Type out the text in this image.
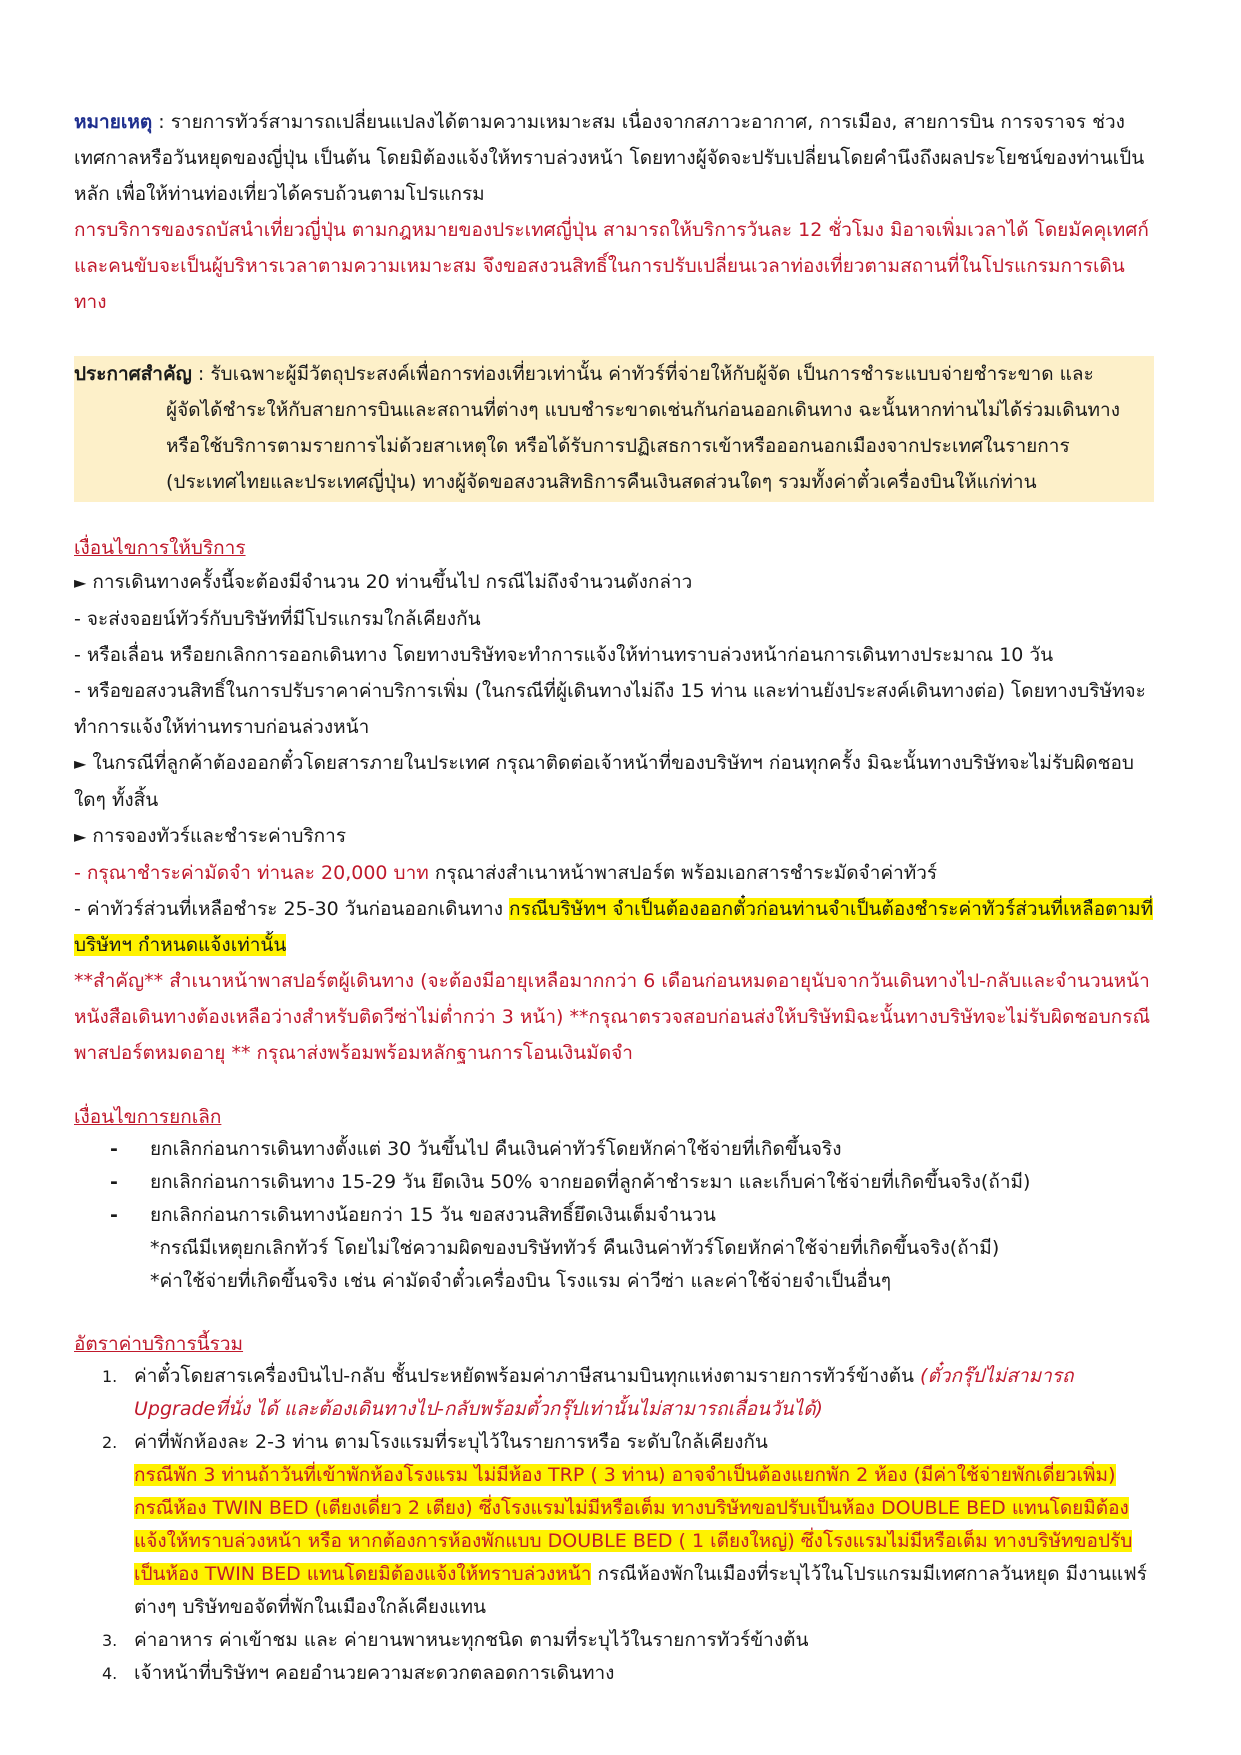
หมายเหตุ : รายการทัวร์สามารถเปลี่ยนแปลงได้ตามความเหมาะสม เนื่องจากสภาวะอากาศ, การเมือง, สายการบิน การจราจร ช่วงเทศกาลหรือวันหยุดของญี่ปุ่น เป็นต้น โดยมิต้องแจ้งให้ทราบล่วงหน้า โดยทางผู้จัดจะปรับเปลี่ยนโดยคำนึงถึงผลประโยชน์ของท่านเป็นหลัก เพื่อให้ท่านท่องเที่ยวได้ครบถ้วนตามโปรแกรม

การบริการของรถบัสนำเที่ยวญี่ปุ่น ตามกฎหมายของประเทศญี่ปุ่น สามารถให้บริการวันละ 12 ชั่วโมง มิอาจเพิ่มเวลาได้ โดยมัคคุเทศก์และคนขับจะเป็นผู้บริหารเวลาตามความเหมาะสม จึงขอสงวนสิทธิ์ในการปรับเปลี่ยนเวลาท่องเที่ยวตามสถานที่ในโปรแกรมการเดินทาง

ประกาศสำคัญ : รับเฉพาะผู้มีวัตถุประสงค์เพื่อการท่องเที่ยวเท่านั้น ค่าทัวร์ที่จ่ายให้กับผู้จัด เป็นการชำระแบบจ่ายชำระขาด และ

ผู้จัดได้ชำระให้กับสายการบินและสถานที่ต่างๆ แบบชำระขาดเช่นกันก่อนออกเดินทาง ฉะนั้นหากท่านไม่ได้ร่วมเดินทางหรือใช้บริการตามรายการไม่ด้วยสาเหตุใด หรือได้รับการปฏิเสธการเข้าหรือออกนอกเมืองจากประเทศในรายการ (ประเทศไทยและประเทศญี่ปุ่น) ทางผู้จัดขอสงวนสิทธิการคืนเงินสดส่วนใดๆ รวมทั้งค่าตั๋วเครื่องบินให้แก่ท่าน

เงื่อนไขการให้บริการ

► การเดินทางครั้งนี้จะต้องมีจำนวน 20 ท่านขึ้นไป กรณีไม่ถึงจำนวนดังกล่าว

- จะส่งจอยน์ทัวร์กับบริษัทที่มีโปรแกรมใกล้เคียงกัน

- หรือเลื่อน หรือยกเลิกการออกเดินทาง โดยทางบริษัทจะทำการแจ้งให้ท่านทราบล่วงหน้าก่อนการเดินทางประมาณ 10 วัน

- หรือขอสงวนสิทธิ์ในการปรับราคาค่าบริการเพิ่ม (ในกรณีที่ผู้เดินทางไม่ถึง 15 ท่าน และท่านยังประสงค์เดินทางต่อ) โดยทางบริษัทจะทำการแจ้งให้ท่านทราบก่อนล่วงหน้า

► ในกรณีที่ลูกค้าต้องออกตั๋วโดยสารภายในประเทศ กรุณาติดต่อเจ้าหน้าที่ของบริษัทฯ ก่อนทุกครั้ง มิฉะนั้นทางบริษัทจะไม่รับผิดชอบใดๆ ทั้งสิ้น

► การจองทัวร์และชำระค่าบริการ

- กรุณาชำระค่ามัดจำ ท่านละ 20,000 บาท กรุณาส่งสำเนาหน้าพาสปอร์ต พร้อมเอกสารชำระมัดจำค่าทัวร์

- ค่าทัวร์ส่วนที่เหลือชำระ 25-30 วันก่อนออกเดินทาง กรณีบริษัทฯ จำเป็นต้องออกตั๋วก่อนท่านจำเป็นต้องชำระค่าทัวร์ส่วนที่เหลือตามที่บริษัทฯ กำหนดแจ้งเท่านั้น

**สำคัญ** สำเนาหน้าพาสปอร์ตผู้เดินทาง (จะต้องมีอายุเหลือมากกว่า 6 เดือนก่อนหมดอายุนับจากวันเดินทางไป-กลับและจำนวนหน้าหนังสือเดินทางต้องเหลือว่างสำหรับติดวีซ่าไม่ต่ำกว่า 3 หน้า) **กรุณาตรวจสอบก่อนส่งให้บริษัทมิฉะนั้นทางบริษัทจะไม่รับผิดชอบกรณีพาสปอร์ตหมดอายุ ** กรุณาส่งพร้อมพร้อมหลักฐานการโอนเงินมัดจำ

เงื่อนไขการยกเลิก

- ยกเลิกก่อนการเดินทางตั้งแต่ 30 วันขึ้นไป คืนเงินค่าทัวร์โดยหักค่าใช้จ่ายที่เกิดขึ้นจริง
- ยกเลิกก่อนการเดินทาง 15-29 วัน ยึดเงิน 50% จากยอดที่ลูกค้าชำระมา และเก็บค่าใช้จ่ายที่เกิดขึ้นจริง(ถ้ามี)
- ยกเลิกก่อนการเดินทางน้อยกว่า 15 วัน ขอสงวนสิทธิ์ยึดเงินเต็มจำนวน

*กรณีมีเหตุยกเลิกทัวร์ โดยไม่ใช่ความผิดของบริษัททัวร์ คืนเงินค่าทัวร์โดยหักค่าใช้จ่ายที่เกิดขึ้นจริง(ถ้ามี)

*ค่าใช้จ่ายที่เกิดขึ้นจริง เช่น ค่ามัดจำตั๋วเครื่องบิน โรงแรม ค่าวีซ่า และค่าใช้จ่ายจำเป็นอื่นๆ

อัตราค่าบริการนี้รวม

1. ค่าตั๋วโดยสารเครื่องบินไป-กลับ ชั้นประหยัดพร้อมค่าภาษีสนามบินทุกแห่งตามรายการทัวร์ข้างต้น (ตั๋วกรุ๊ปไม่สามารถ Upgradeที่นั่ง ได้ และต้องเดินทางไป-กลับพร้อมตั๋วกรุ๊ปเท่านั้นไม่สามารถเลื่อนวันได้)
2. ค่าที่พักห้องละ 2-3 ท่าน ตามโรงแรมที่ระบุไว้ในรายการหรือ ระดับใกล้เคียงกัน
กรณีพัก 3 ท่านถ้าวันที่เข้าพักห้องโรงแรม ไม่มีห้อง TRP ( 3 ท่าน) อาจจำเป็นต้องแยกพัก 2 ห้อง (มีค่าใช้จ่ายพักเดี่ยวเพิ่ม) กรณีห้อง TWIN BED (เตียงเดี่ยว 2 เตียง) ซึ่งโรงแรมไม่มีหรือเต็ม ทางบริษัทขอปรับเป็นห้อง DOUBLE BED แทนโดยมิต้องแจ้งให้ทราบล่วงหน้า หรือ หากต้องการห้องพักแบบ DOUBLE BED ( 1 เตียงใหญ่) ซึ่งโรงแรมไม่มีหรือเต็ม ทางบริษัทขอปรับเป็นห้อง TWIN BED แทนโดยมิต้องแจ้งให้ทราบล่วงหน้า กรณีห้องพักในเมืองที่ระบุไว้ในโปรแกรมมีเทศกาลวันหยุด มีงานแฟร์ต่างๆ บริษัทขอจัดที่พักในเมืองใกล้เคียงแทน
3. ค่าอาหาร ค่าเข้าชม และ ค่ายานพาหนะทุกชนิด ตามที่ระบุไว้ในรายการทัวร์ข้างต้น
4. เจ้าหน้าที่บริษัทฯ คอยอำนวยความสะดวกตลอดการเดินทาง
